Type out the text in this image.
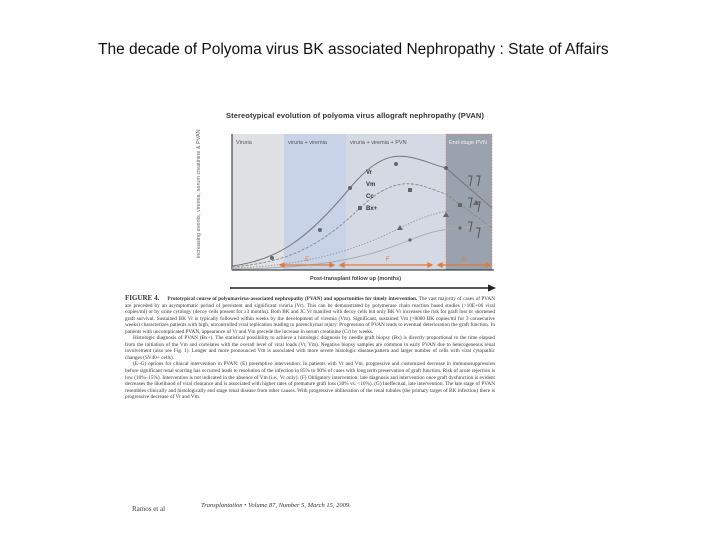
The decade of Polyoma virus BK associated Nephropathy : State of Affairs
Stereotypical evolution of polyoma virus allograft nephropathy (PVAN)
increasing events, viremia, serum creatinine & PVAN	Viruria	viruria + viremia	viruria + viremia + PVN	End-stage PVN
Vr
Vm
Cc
Bx+
E	F	G
Post-transplant follow up (months)

FIGURE 4. Prototypical course of polyomavirus-associated nephropathy (PVAN) and opportunities for timely intervention. The vast majority of cases of PVAN are preceded by an asymptomatic period of persistent and significant viruria (Vr). This can be demonstrated by polymerase chain reaction based studies (>10E+06 viral copies/ml) or by urine cytology (decoy cells present for ≥3 months). Both BK and JC Vr manifest with decoy cells but only BK Vr increases the risk for graft loss or shortened graft survival. Sustained BK Vr is typically followed within weeks by the development of viremia (Vm). Significant, sustained Vm (>8000 BK copies/ml for 3 consecutive weeks) characterizes patients with high, uncontrolled viral replication leading to parenchymal injury. Progression of PVAN leads to eventual deterioration the graft function. In patients with uncomplicated PVAN, appearance of Vr and Vm precede the increase in serum creatinine (Cr) by weeks.

Histologic diagnosis of PVAN (Bx+). The statistical possibility to achieve a histologic diagnosis by needle graft biopsy (Bx) is directly proportional to the time elapsed from the initiation of the Vm and correlates with the overall level of viral loads (Vr, Vm). Negative biopsy samples are common in early PVAN due to heterogeneous renal involvement (also see Fig. 1). Longer and more pronounced Vm is associated with more severe histologic disease/pattern and larger number of cells with viral cytopathic changes (SV40+ cells).

(E–G) options for clinical intervention in PVAN: (E) preemptive intervention: In patients with Vr and Vm, progressive and customized decrease in immunosuppression before significant renal scarring has occurred leads to resolution of the infection in 85% to 90% of cases with long term preservation of graft function. Risk of acute rejection is low (10%–15%). Intervention is not indicated in the absence of Vm (i.e., Vr only). (F) Obligatory intervention, late diagnosis and intervention once graft dysfunction is evident decreases the likelihood of viral clearance and is associated with higher rates of premature graft loss (30% vs. <10%). (G) Ineffectual, late intervention. The late stage of PVAN resembles clinically and histologically end stage renal disease from other causes. With progressive obliteration of the renal tubules (the primary target of BK infection) there is progressive decrease of Vr and Vm.

Ramos et al	Transplantation • Volume 87, Number 5, March 15, 2009
